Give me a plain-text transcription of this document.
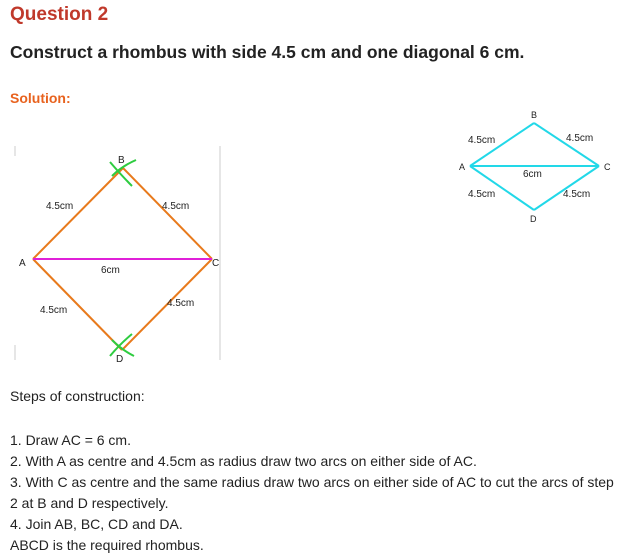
Question 2
Construct a rhombus with side 4.5 cm and one diagonal 6 cm.
Solution:
A
B
C
D
4.5cm	4.5cm
4.5cm
4.5cm
6cm
A
B
C
D
4.5cm	4.5cm
4.5cm	4.5cm
6cm
Steps of construction:
1. Draw AC = 6 cm.
2. With A as centre and 4.5cm as radius draw two arcs on either side of AC.
3. With C as centre and the same radius draw two arcs on either side of AC to cut the arcs of step
2 at B and D respectively.
4. Join AB, BC, CD and DA.
ABCD is the required rhombus.
